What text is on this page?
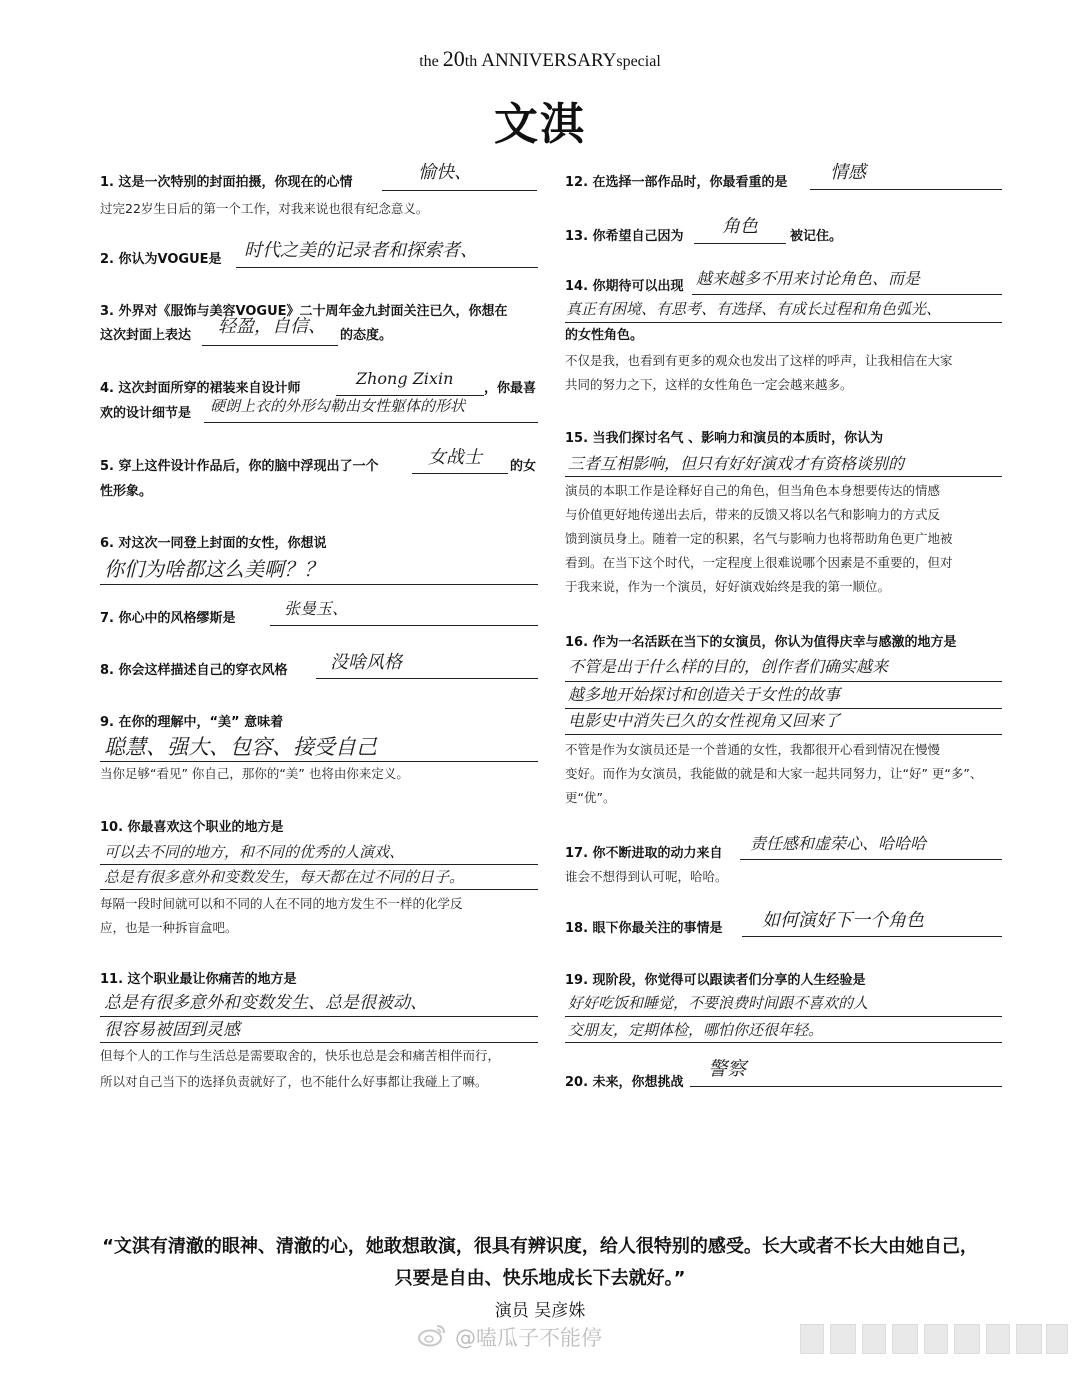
the 20th ANNIVERSARYspecial
文淇
1. 这是一次特别的封面拍摄，你现在的心情	愉快、
过完22岁生日后的第一个工作，对我来说也很有纪念意义。
2. 你认为VOGUE是 时代之美的记录者和探索者、
3. 外界对《服饰与美容VOGUE》二十周年金九封面关注已久，你想在
这次封面上表达 轻盈，自信、 的态度。
4. 这次封面所穿的裙装来自设计师
Zhong Zixin
，你最喜
欢的设计细节是 硬朗上衣的外形勾勒出女性躯体的形状
5. 穿上这件设计作品后，你的脑中浮现出了一个	女战士 的女
性形象。
6. 对这次一同登上封面的女性，你想说
你们为啥都这么美啊？？
7. 你心中的风格缪斯是
张曼玉、
8. 你会这样描述自己的穿衣风格 没啥风格
9. 在你的理解中，“美” 意味着
聪慧、强大、包容、接受自己
当你足够“看见” 你自己，那你的“美” 也将由你来定义。
10. 你最喜欢这个职业的地方是
可以去不同的地方，和不同的优秀的人演戏、
总是有很多意外和变数发生，每天都在过不同的日子。
每隔一段时间就可以和不同的人在不同的地方发生不一样的化学反
应，也是一种拆盲盒吧。
11. 这个职业最让你痛苦的地方是
总是有很多意外和变数发生、总是很被动、
很容易被固到灵感
但每个人的工作与生活总是需要取舍的，快乐也总是会和痛苦相伴而行，
所以对自己当下的选择负责就好了，也不能什么好事都让我碰上了嘛。
12. 在选择一部作品时，你最看重的是 情感
13. 你希望自己因为 角色 被记住。
14. 你期待可以出现 越来越多不用来讨论角色、而是
真正有困境、有思考、有选择、有成长过程和角色弧光、
的女性角色。
不仅是我，也看到有更多的观众也发出了这样的呼声，让我相信在大家
共同的努力之下，这样的女性角色一定会越来越多。
15. 当我们探讨名气 、影响力和演员的本质时，你认为
三者互相影响，但只有好好演戏才有资格谈别的
演员的本职工作是诠释好自己的角色，但当角色本身想要传达的情感
与价值更好地传递出去后，带来的反馈又将以名气和影响力的方式反
馈到演员身上。随着一定的积累，名气与影响力也将帮助角色更广地被
看到。在当下这个时代，一定程度上很难说哪个因素是不重要的，但对
于我来说，作为一个演员，好好演戏始终是我的第一顺位。
16. 作为一名活跃在当下的女演员，你认为值得庆幸与感激的地方是
不管是出于什么样的目的，创作者们确实越来
越多地开始探讨和创造关于女性的故事
电影史中消失已久的女性视角又回来了
不管是作为女演员还是一个普通的女性，我都很开心看到情况在慢慢
变好。而作为女演员，我能做的就是和大家一起共同努力，让“好” 更“多”、
更“优”。
17. 你不断进取的动力来自
责任感和虚荣心、哈哈哈
谁会不想得到认可呢，哈哈。
18. 眼下你最关注的事情是 如何演好下一个角色
19. 现阶段，你觉得可以跟读者们分享的人生经验是
好好吃饭和睡觉，不要浪费时间跟不喜欢的人
交朋友，定期体检，哪怕你还很年轻。
20. 未来，你想挑战
警察
“文淇有清澈的眼神、清澈的心，她敢想敢演，很具有辨识度，给人很特别的感受。长大或者不长大由她自己，
只要是自由、快乐地成长下去就好。”
演员 吴彦姝
@嗑瓜子不能停
